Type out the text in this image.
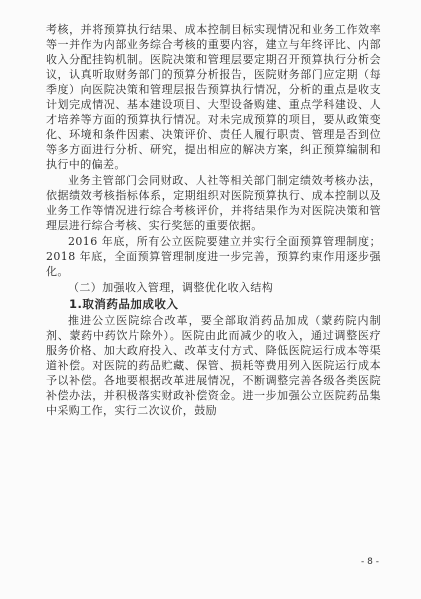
考核，并将预算执行结果、成本控制目标实现情况和业务工作效率等一并作为内部业务综合考核的重要内容，建立与年终评比、内部收入分配挂钩机制。医院决策和管理层要定期召开预算执行分析会议，认真听取财务部门的预算分析报告，医院财务部门应定期（每季度）向医院决策和管理层报告预算执行情况，分析的重点是收支计划完成情况、基本建设项目、大型设备购建、重点学科建设、人才培养等方面的预算执行情况。对未完成预算的项目，要从政策变化、环境和条件因素、决策评价、责任人履行职责、管理是否到位等多方面进行分析、研究，提出相应的解决方案，纠正预算编制和执行中的偏差。

业务主管部门会同财政、人社等相关部门制定绩效考核办法，依据绩效考核指标体系，定期组织对医院预算执行、成本控制以及业务工作等情况进行综合考核评价，并将结果作为对医院决策和管理层进行综合考核、实行奖惩的重要依据。

2016 年底，所有公立医院要建立并实行全面预算管理制度；2018 年底，全面预算管理制度进一步完善，预算约束作用逐步强化。

（二）加强收入管理，调整优化收入结构

1.取消药品加成收入

推进公立医院综合改革，要全部取消药品加成（蒙药院内制剂、蒙药中药饮片除外）。医院由此而减少的收入，通过调整医疗服务价格、加大政府投入、改革支付方式、降低医院运行成本等渠道补偿。对医院的药品贮藏、保管、损耗等费用列入医院运行成本予以补偿。各地要根据改革进展情况，不断调整完善各级各类医院补偿办法，并积极落实财政补偿资金。进一步加强公立医院药品集中采购工作，实行二次议价，鼓励

- 8 -
